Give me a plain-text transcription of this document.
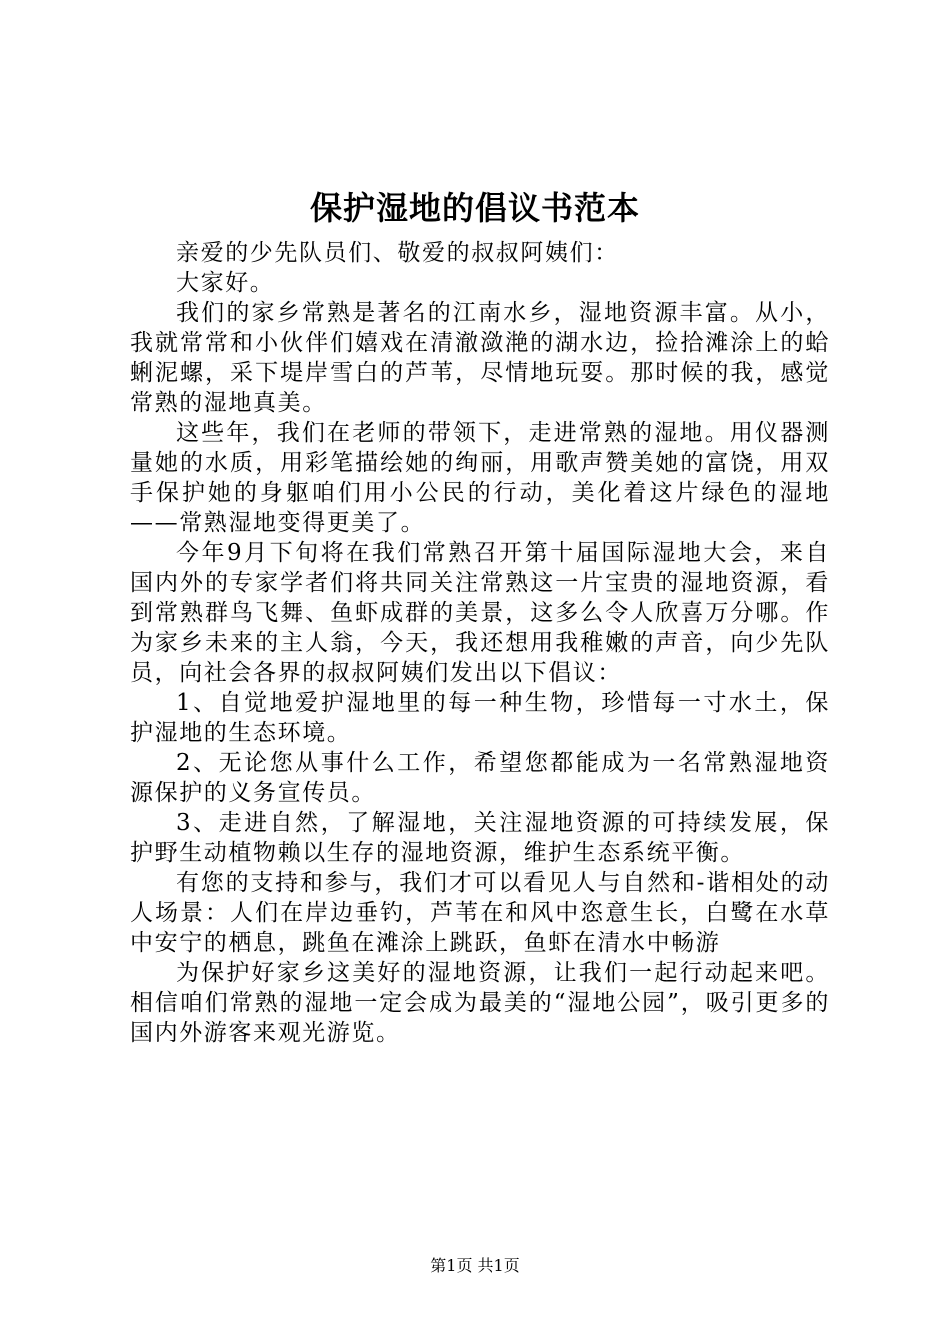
保护湿地的倡议书范本

亲爱的少先队员们、敬爱的叔叔阿姨们：

大家好。

我们的家乡常熟是著名的江南水乡，湿地资源丰富。从小，我就常常和小伙伴们嬉戏在清澈潋滟的湖水边，捡拾滩涂上的蛤蜊泥螺，采下堤岸雪白的芦苇，尽情地玩耍。那时候的我，感觉常熟的湿地真美。

这些年，我们在老师的带领下，走进常熟的湿地。用仪器测量她的水质，用彩笔描绘她的绚丽，用歌声赞美她的富饶，用双手保护她的身躯咱们用小公民的行动，美化着这片绿色的湿地——常熟湿地变得更美了。

今年9月下旬将在我们常熟召开第十届国际湿地大会，来自国内外的专家学者们将共同关注常熟这一片宝贵的湿地资源，看到常熟群鸟飞舞、鱼虾成群的美景，这多么令人欣喜万分哪。作为家乡未来的主人翁，今天，我还想用我稚嫩的声音，向少先队员，向社会各界的叔叔阿姨们发出以下倡议：

1、自觉地爱护湿地里的每一种生物，珍惜每一寸水土，保护湿地的生态环境。

2、无论您从事什么工作，希望您都能成为一名常熟湿地资源保护的义务宣传员。

3、走进自然，了解湿地，关注湿地资源的可持续发展，保护野生动植物赖以生存的湿地资源，维护生态系统平衡。

有您的支持和参与，我们才可以看见人与自然和-谐相处的动人场景：人们在岸边垂钓，芦苇在和风中恣意生长，白鹭在水草中安宁的栖息，跳鱼在滩涂上跳跃，鱼虾在清水中畅游

为保护好家乡这美好的湿地资源，让我们一起行动起来吧。相信咱们常熟的湿地一定会成为最美的“湿地公园”，吸引更多的国内外游客来观光游览。

第1页 共1页
